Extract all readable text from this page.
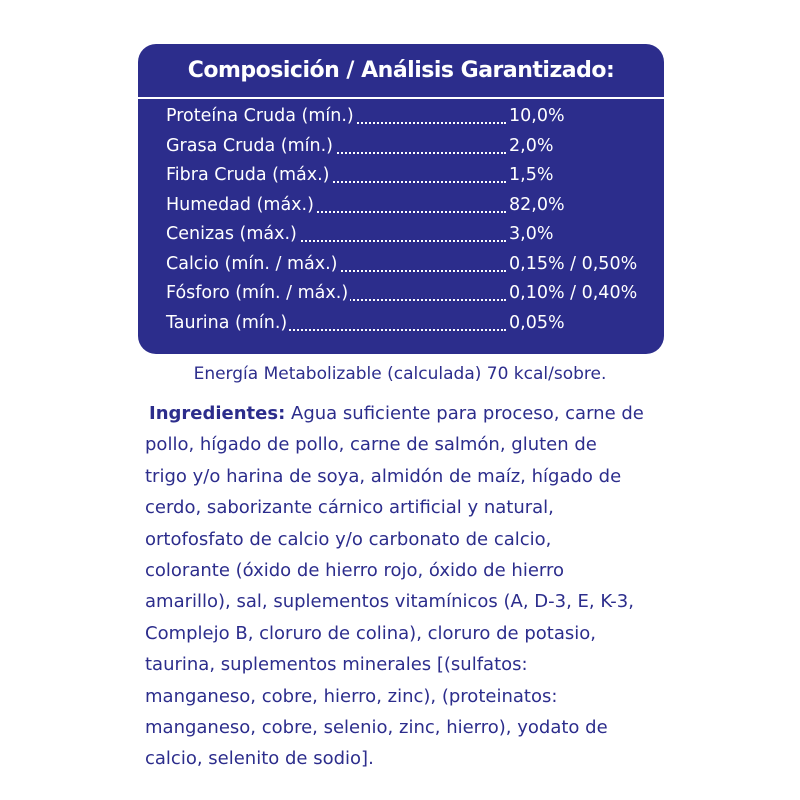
Composición / Análisis Garantizado:
Proteína Cruda (mín.)	10,0%
Grasa Cruda (mín.)	2,0%
Fibra Cruda (máx.)	1,5%
Humedad (máx.)	82,0%
Cenizas (máx.)	3,0%
Calcio (mín. / máx.)	0,15% / 0,50%
Fósforo (mín. / máx.)	0,10% / 0,40%
Taurina (mín.)	0,05%
Energía Metabolizable (calculada) 70 kcal/sobre.
Ingredientes: Agua suficiente para proceso, carne de
pollo, hígado de pollo, carne de salmón, gluten de
trigo y/o harina de soya, almidón de maíz, hígado de
cerdo, saborizante cárnico artificial y natural,
ortofosfato de calcio y/o carbonato de calcio,
colorante (óxido de hierro rojo, óxido de hierro
amarillo), sal, suplementos vitamínicos (A, D-3, E, K-3,
Complejo B, cloruro de colina), cloruro de potasio,
taurina, suplementos minerales [(sulfatos:
manganeso, cobre, hierro, zinc), (proteinatos:
manganeso, cobre, selenio, zinc, hierro), yodato de
calcio, selenito de sodio].
